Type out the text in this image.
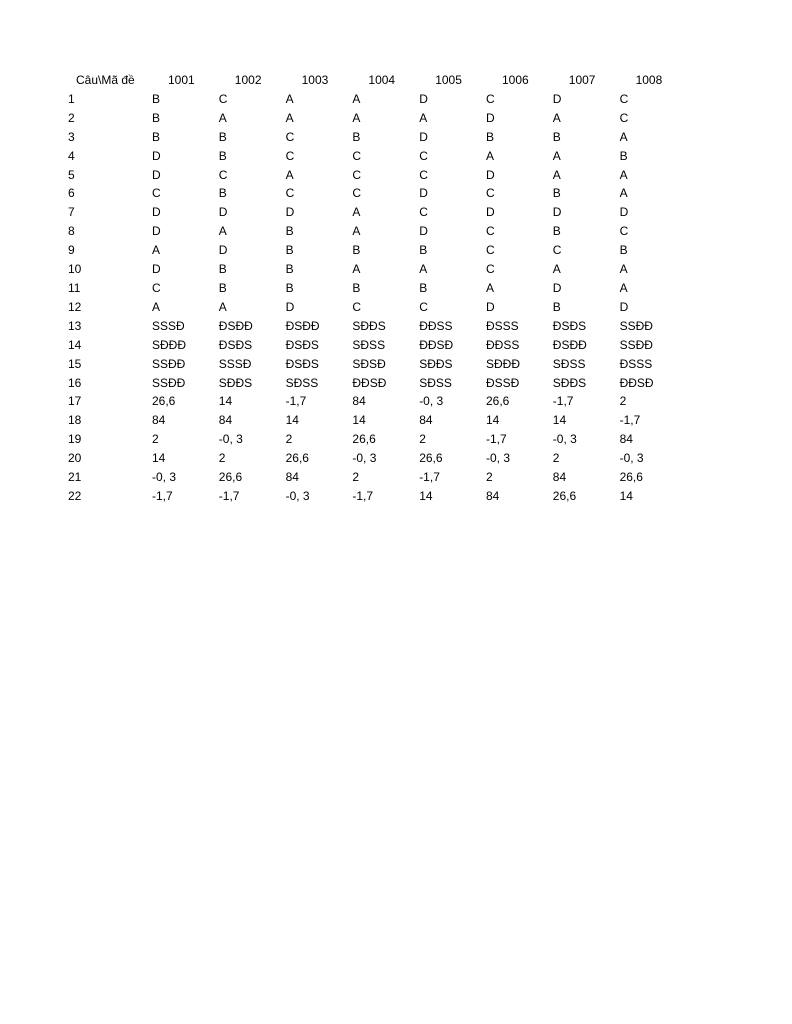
Câu\Mã đề	1001	1002	1003	1004	1005	1006	1007	1008
1	B	C	A	A	D	C	D	C
2	B	A	A	A	A	D	A	C
3	B	B	C	B	D	B	B	A
4	D	B	C	C	C	A	A	B
5	D	C	A	C	C	D	A	A
6	C	B	C	C	D	C	B	A
7	D	D	D	A	C	D	D	D
8	D	A	B	A	D	C	B	C
9	A	D	B	B	B	C	C	B
10	D	B	B	A	A	C	A	A
11	C	B	B	B	B	A	D	A
12	A	A	D	C	C	D	B	D
13	SSSĐ	ĐSĐĐ	ĐSĐĐ	SĐĐS	ĐĐSS	ĐSSS	ĐSĐS	SSĐĐ
14	SĐĐĐ	ĐSĐS	ĐSĐS	SĐSS	ĐĐSĐ	ĐĐSS	ĐSĐĐ	SSĐĐ
15	SSĐĐ	SSSĐ	ĐSĐS	SĐSĐ	SĐĐS	SĐĐĐ	SĐSS	ĐSSS
16	SSĐĐ	SĐĐS	SĐSS	ĐĐSĐ	SĐSS	ĐSSĐ	SĐĐS	ĐĐSĐ
17	26,6	14	-1,7	84	-0, 3	26,6	-1,7	2
18	84	84	14	14	84	14	14	-1,7
19	2	-0, 3	2	26,6	2	-1,7	-0, 3	84
20	14	2	26,6	-0, 3	26,6	-0, 3	2	-0, 3
21	-0, 3	26,6	84	2	-1,7	2	84	26,6
22	-1,7	-1,7	-0, 3	-1,7	14	84	26,6	14
